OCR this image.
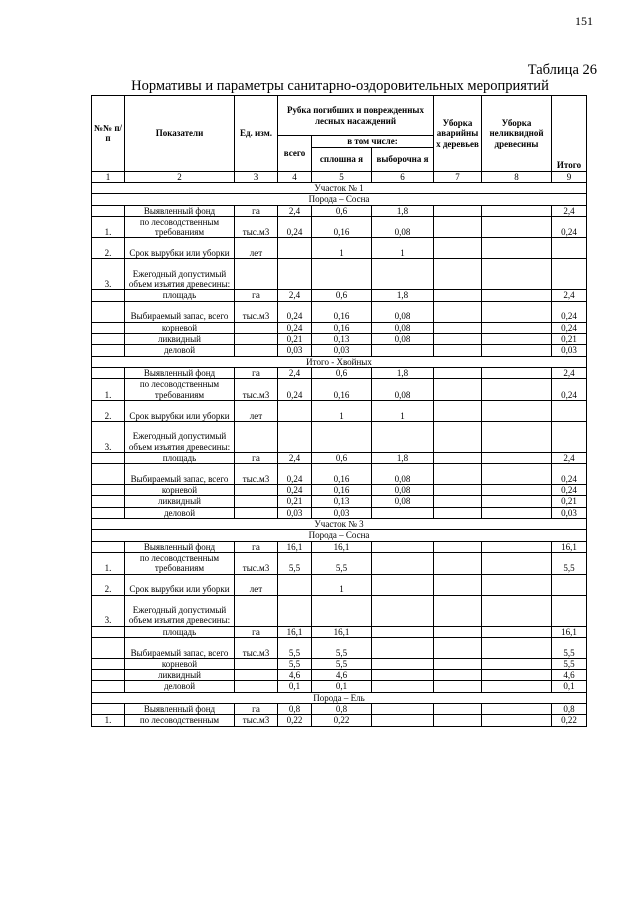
151
Таблица 26
Нормативы и параметры санитарно-оздоровительных мероприятий
№№ п/п	Показатели	Ед. изм.	Рубка погибших и поврежденных лесных насаждений			Уборка аварийны х деревьев	Уборка неликвидной древесины	Итого
			всего	в том числе:				
				сплошна я	выборочна я			
1	2	3	4	5	6	7	8	9
Участок № 1								
Порода – Сосна								
	Выявленный фонд	га	2,4	0,6	1,8			2,4
1.	по лесоводственным требованиям	тыс.м3	0,24	0,16	0,08			0,24
2.	Срок вырубки или уборки	лет		1	1			
3.	Ежегодный допустимый объем изъятия древесины:							
	площадь	га	2,4	0,6	1,8			2,4
	Выбираемый запас, всего	тыс.м3	0,24	0,16	0,08			0,24
	корневой		0,24	0,16	0,08			0,24
	ликвидный		0,21	0,13	0,08			0,21
	деловой		0,03	0,03				0,03
Итого - Хвойных								
	Выявленный фонд	га	2,4	0,6	1,8			2,4
1.	по лесоводственным требованиям	тыс.м3	0,24	0,16	0,08			0,24
2.	Срок вырубки или уборки	лет		1	1			
3.	Ежегодный допустимый объем изъятия древесины:							
	площадь	га	2,4	0,6	1,8			2,4
	Выбираемый запас, всего	тыс.м3	0,24	0,16	0,08			0,24
	корневой		0,24	0,16	0,08			0,24
	ликвидный		0,21	0,13	0,08			0,21
	деловой		0,03	0,03				0,03
Участок № 3								
Порода – Сосна								
	Выявленный фонд	га	16,1	16,1				16,1
1.	по лесоводственным требованиям	тыс.м3	5,5	5,5				5,5
2.	Срок вырубки или уборки	лет		1				
3.	Ежегодный допустимый объем изъятия древесины:							
	площадь	га	16,1	16,1				16,1
	Выбираемый запас, всего	тыс.м3	5,5	5,5				5,5
	корневой		5,5	5,5				5,5
	ликвидный		4,6	4,6				4,6
	деловой		0,1	0,1				0,1
Порода – Ель								
	Выявленный фонд	га	0,8	0,8				0,8
1.	по лесоводственным	тыс.м3	0,22	0,22				0,22
